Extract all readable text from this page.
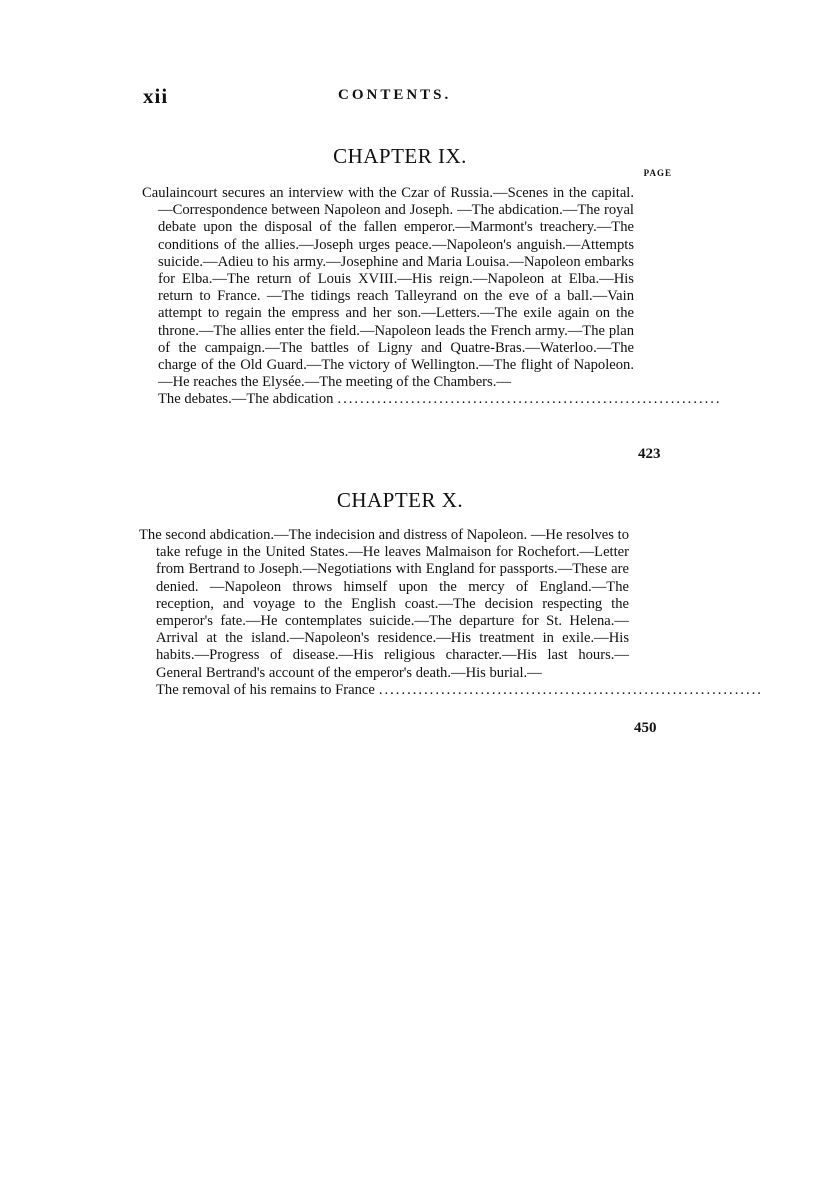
xii	CONTENTS.
CHAPTER IX.
PAGE
Caulaincourt secures an interview with the Czar of Russia.—Scenes in the capital.—Correspondence between Napoleon and Joseph. —The abdication.—The royal debate upon the disposal of the fallen emperor.—Marmont's treachery.—The conditions of the allies.—Joseph urges peace.—Napoleon's anguish.—Attempts suicide.—Adieu to his army.—Josephine and Maria Louisa.—Napoleon embarks for Elba.—The return of Louis XVIII.—His reign.—Napoleon at Elba.—His return to France. —The tidings reach Talleyrand on the eve of a ball.—Vain attempt to regain the empress and her son.—Letters.—The exile again on the throne.—The allies enter the field.—Napoleon leads the French army.—The plan of the campaign.—The battles of Ligny and Quatre-Bras.—Waterloo.—The charge of the Old Guard.—The victory of Wellington.—The flight of Napoleon.—He reaches the Elysée.—The meeting of the Chambers.—
The debates.—The abdication ....................................................................
423
CHAPTER X.
The second abdication.—The indecision and distress of Napoleon. —He resolves to take refuge in the United States.—He leaves Malmaison for Rochefort.—Letter from Bertrand to Joseph.—Negotiations with England for passports.—These are denied. —Napoleon throws himself upon the mercy of England.—The reception, and voyage to the English coast.—The decision respecting the emperor's fate.—He contemplates suicide.—The departure for St. Helena.—Arrival at the island.—Napoleon's residence.—His treatment in exile.—His habits.—Progress of disease.—His religious character.—His last hours.—General Bertrand's account of the emperor's death.—His burial.—
The removal of his remains to France ....................................................................
450
